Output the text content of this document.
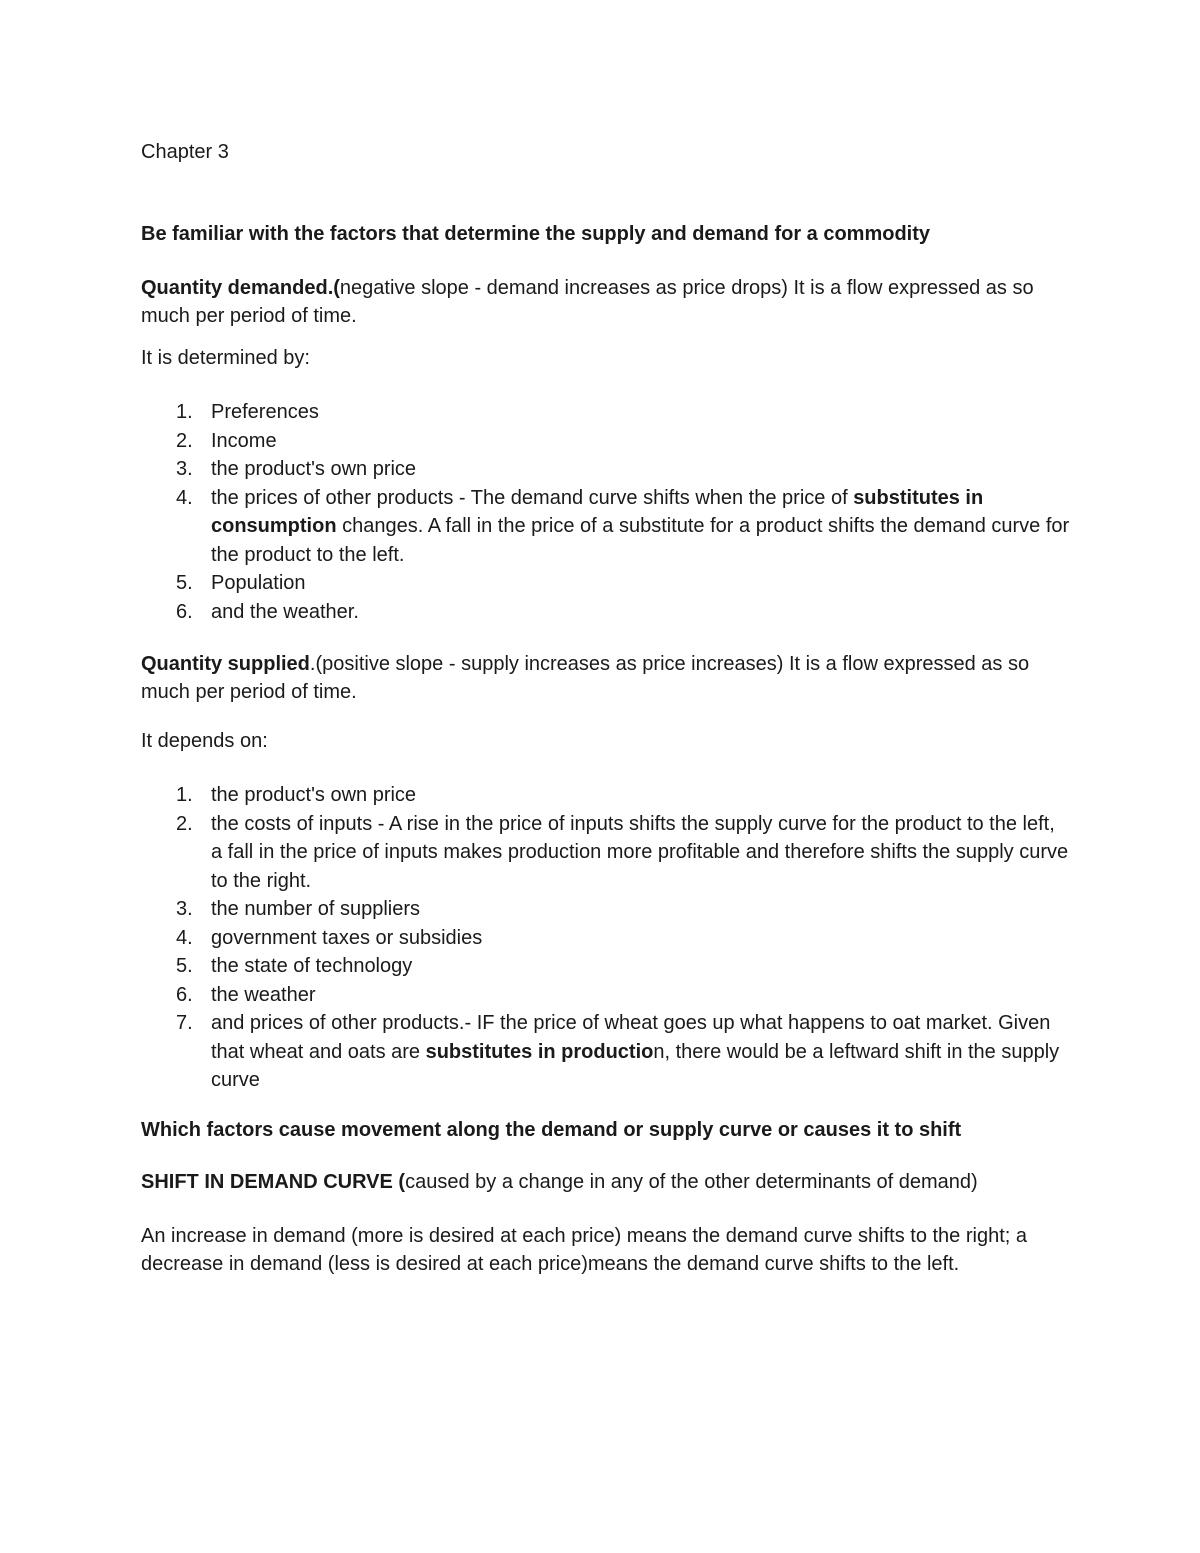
Chapter 3
Be familiar with the factors that determine the supply and demand for a commodity
Quantity demanded.(negative slope - demand increases as price drops) It is a flow expressed as so much per period of time.
It is determined by:
1. Preferences
2. Income
3. the product's own price
4. the prices of other products - The demand curve shifts when the price of substitutes in consumption changes. A fall in the price of a substitute for a product shifts the demand curve for the product to the left.
5. Population
6. and the weather.
Quantity supplied.(positive slope - supply increases as price increases) It is a flow expressed as so much per period of time.
It depends on:
1. the product's own price
2. the costs of inputs - A rise in the price of inputs shifts the supply curve for the product to the left, a fall in the price of inputs makes production more profitable and therefore shifts the supply curve to the right.
3. the number of suppliers
4. government taxes or subsidies
5. the state of technology
6. the weather
7. and prices of other products.- IF the price of wheat goes up what happens to oat market. Given that wheat and oats are substitutes in production, there would be a leftward shift in the supply curve
Which factors cause movement along the demand or supply curve or causes it to shift
SHIFT IN DEMAND CURVE (caused by a change in any of the other determinants of demand)
An increase in demand (more is desired at each price) means the demand curve shifts to the right; a decrease in demand (less is desired at each price)means the demand curve shifts to the left.
